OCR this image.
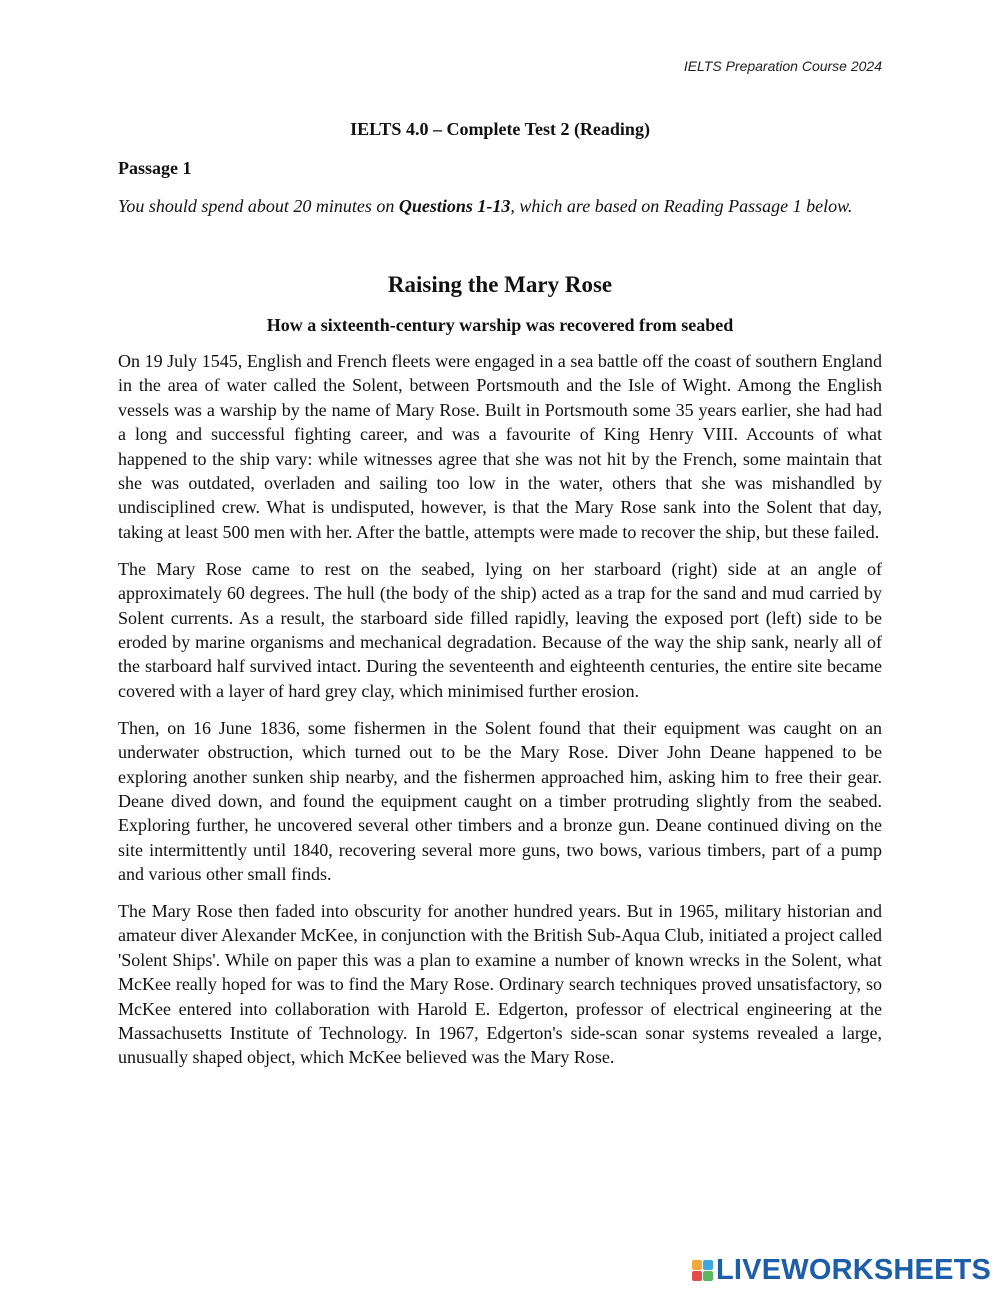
IELTS Preparation Course 2024
IELTS 4.0 – Complete Test 2 (Reading)
Passage 1
You should spend about 20 minutes on Questions 1-13, which are based on Reading Passage 1 below.
Raising the Mary Rose
How a sixteenth-century warship was recovered from seabed

On 19 July 1545, English and French fleets were engaged in a sea battle off the coast of southern England in the area of water called the Solent, between Portsmouth and the Isle of Wight. Among the English vessels was a warship by the name of Mary Rose. Built in Portsmouth some 35 years earlier, she had had a long and successful fighting career, and was a favourite of King Henry VIII. Accounts of what happened to the ship vary: while witnesses agree that she was not hit by the French, some maintain that she was outdated, overladen and sailing too low in the water, others that she was mishandled by undisciplined crew. What is undisputed, however, is that the Mary Rose sank into the Solent that day, taking at least 500 men with her. After the battle, attempts were made to recover the ship, but these failed.

The Mary Rose came to rest on the seabed, lying on her starboard (right) side at an angle of approximately 60 degrees. The hull (the body of the ship) acted as a trap for the sand and mud carried by Solent currents. As a result, the starboard side filled rapidly, leaving the exposed port (left) side to be eroded by marine organisms and mechanical degradation. Because of the way the ship sank, nearly all of the starboard half survived intact. During the seventeenth and eighteenth centuries, the entire site became covered with a layer of hard grey clay, which minimised further erosion.

Then, on 16 June 1836, some fishermen in the Solent found that their equipment was caught on an underwater obstruction, which turned out to be the Mary Rose. Diver John Deane happened to be exploring another sunken ship nearby, and the fishermen approached him, asking him to free their gear. Deane dived down, and found the equipment caught on a timber protruding slightly from the seabed. Exploring further, he uncovered several other timbers and a bronze gun. Deane continued diving on the site intermittently until 1840, recovering several more guns, two bows, various timbers, part of a pump and various other small finds.

The Mary Rose then faded into obscurity for another hundred years. But in 1965, military historian and amateur diver Alexander McKee, in conjunction with the British Sub-Aqua Club, initiated a project called 'Solent Ships'. While on paper this was a plan to examine a number of known wrecks in the Solent, what McKee really hoped for was to find the Mary Rose. Ordinary search techniques proved unsatisfactory, so McKee entered into collaboration with Harold E. Edgerton, professor of electrical engineering at the Massachusetts Institute of Technology. In 1967, Edgerton's side-scan sonar systems revealed a large, unusually shaped object, which McKee believed was the Mary Rose.

LIVEWORKSHEETS
